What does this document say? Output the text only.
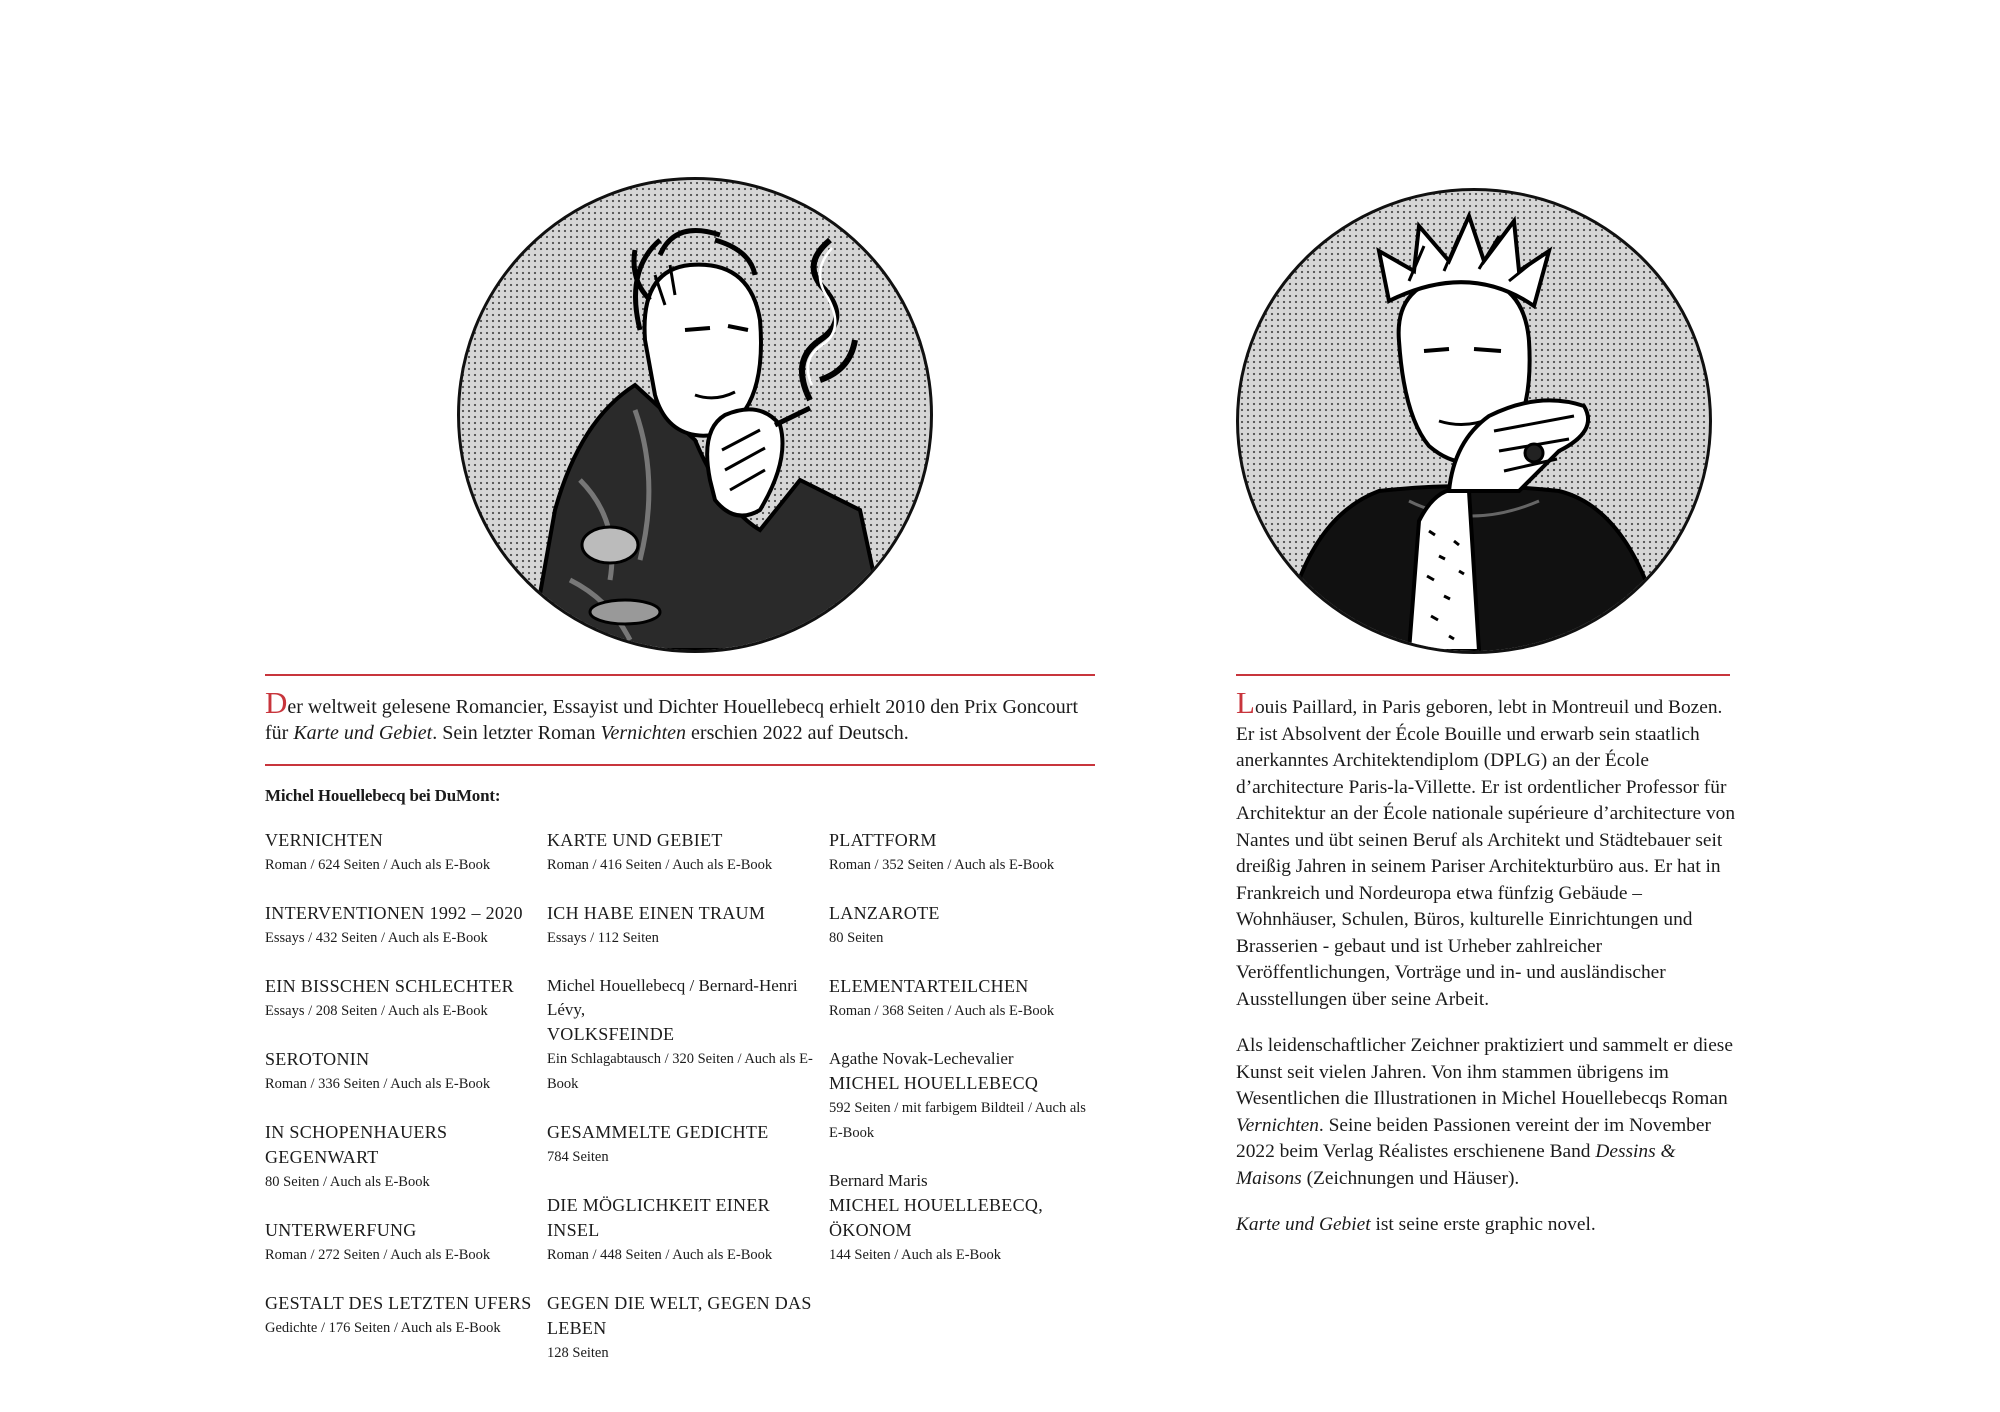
Der weltweit gelesene Romancier, Essayist und Dichter Houellebecq erhielt 2010 den Prix Goncourt für Karte und Gebiet. Sein letzter Roman Vernichten erschien 2022 auf Deutsch.

Michel Houellebecq bei DuMont:
VERNICHTEN
Roman / 624 Seiten / Auch als E-Book
INTERVENTIONEN 1992 – 2020
Essays / 432 Seiten / Auch als E-Book
EIN BISSCHEN SCHLECHTER
Essays / 208 Seiten / Auch als E-Book
SEROTONIN
Roman / 336 Seiten / Auch als E-Book
IN SCHOPENHAUERS GEGENWART
80 Seiten / Auch als E-Book
UNTERWERFUNG
Roman / 272 Seiten / Auch als E-Book
GESTALT DES LETZTEN UFERS
Gedichte / 176 Seiten / Auch als E-Book
KARTE UND GEBIET
Roman / 416 Seiten / Auch als E-Book
ICH HABE EINEN TRAUM
Essays / 112 Seiten
Michel Houellebecq / Bernard-Henri Lévy,
VOLKSFEINDE
Ein Schlagabtausch / 320 Seiten / Auch als E-Book
GESAMMELTE GEDICHTE
784 Seiten
DIE MÖGLICHKEIT EINER INSEL
Roman / 448 Seiten / Auch als E-Book
GEGEN DIE WELT, GEGEN DAS LEBEN
128 Seiten
PLATTFORM
Roman / 352 Seiten / Auch als E-Book
LANZAROTE
80 Seiten
ELEMENTARTEILCHEN
Roman / 368 Seiten / Auch als E-Book
Agathe Novak-Lechevalier
MICHEL HOUELLEBECQ
592 Seiten / mit farbigem Bildteil / Auch als E-Book
Bernard Maris
MICHEL HOUELLEBECQ, ÖKONOM
144 Seiten / Auch als E-Book

Louis Paillard, in Paris geboren, lebt in Montreuil und Bozen. Er ist Absolvent der École Bouille und erwarb sein staatlich anerkanntes Architektendiplom (DPLG) an der École d’architecture Paris-la-Villette. Er ist ordentlicher Professor für Architektur an der École nationale supérieure d’architecture von Nantes und übt seinen Beruf als Architekt und Städtebauer seit dreißig Jahren in seinem Pariser Architekturbüro aus. Er hat in Frankreich und Nordeuropa etwa fünfzig Gebäude – Wohnhäuser, Schulen, Büros, kulturelle Einrichtungen und Brasserien - gebaut und ist Urheber zahlreicher Veröffentlichungen, Vorträge und in- und ausländischer Ausstellungen über seine Arbeit.

Als leidenschaftlicher Zeichner praktiziert und sammelt er diese Kunst seit vielen Jahren. Von ihm stammen übrigens im Wesentlichen die Illustrationen in Michel Houellebecqs Roman Vernichten. Seine beiden Passionen vereint der im November 2022 beim Verlag Réalistes erschienene Band Dessins & Maisons (Zeichnungen und Häuser).

Karte und Gebiet ist seine erste graphic novel.
